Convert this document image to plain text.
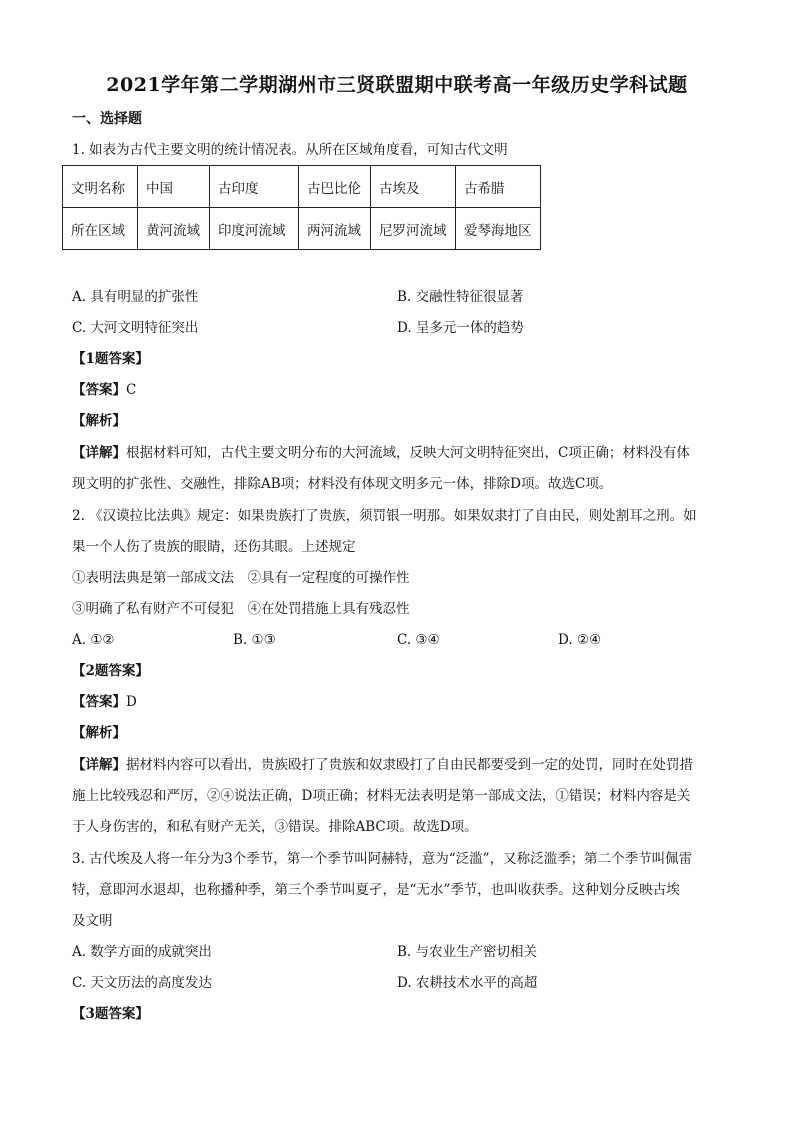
2021学年第二学期湖州市三贤联盟期中联考高一年级历史学科试题
一、选择题
1. 如表为古代主要文明的统计情况表。从所在区域角度看，可知古代文明
文明名称	中国	古印度	古巴比伦	古埃及	古希腊
所在区域	黄河流域	印度河流域	两河流域	尼罗河流域	爱琴海地区
A. 具有明显的扩张性	B. 交融性特征很显著
C. 大河文明特征突出	D. 呈多元一体的趋势
【1题答案】
【答案】C
【解析】
【详解】根据材料可知，古代主要文明分布的大河流域，反映大河文明特征突出，C项正确；材料没有体
现文明的扩张性、交融性，排除AB项；材料没有体现文明多元一体，排除D项。故选C项。
2. 《汉谟拉比法典》规定：如果贵族打了贵族，须罚银一明那。如果奴隶打了自由民，则处割耳之刑。如
果一个人伤了贵族的眼睛，还伤其眼。上述规定
①表明法典是第一部成文法　②具有一定程度的可操作性
③明确了私有财产不可侵犯　④在处罚措施上具有残忍性
A. ①②	B. ①③	C. ③④	D. ②④
【2题答案】
【答案】D
【解析】
【详解】据材料内容可以看出，贵族殴打了贵族和奴隶殴打了自由民都要受到一定的处罚，同时在处罚措
施上比较残忍和严厉，②④说法正确，D项正确；材料无法表明是第一部成文法，①错误；材料内容是关
于人身伤害的，和私有财产无关，③错误。排除ABC项。故选D项。
3. 古代埃及人将一年分为3个季节，第一个季节叫阿赫特，意为“泛滥”，又称泛滥季；第二个季节叫佩雷
特，意即河水退却，也称播种季，第三个季节叫夏孑，是“无水”季节，也叫收获季。这种划分反映古埃
及文明
A. 数学方面的成就突出	B. 与农业生产密切相关
C. 天文历法的高度发达	D. 农耕技术水平的高超
【3题答案】
